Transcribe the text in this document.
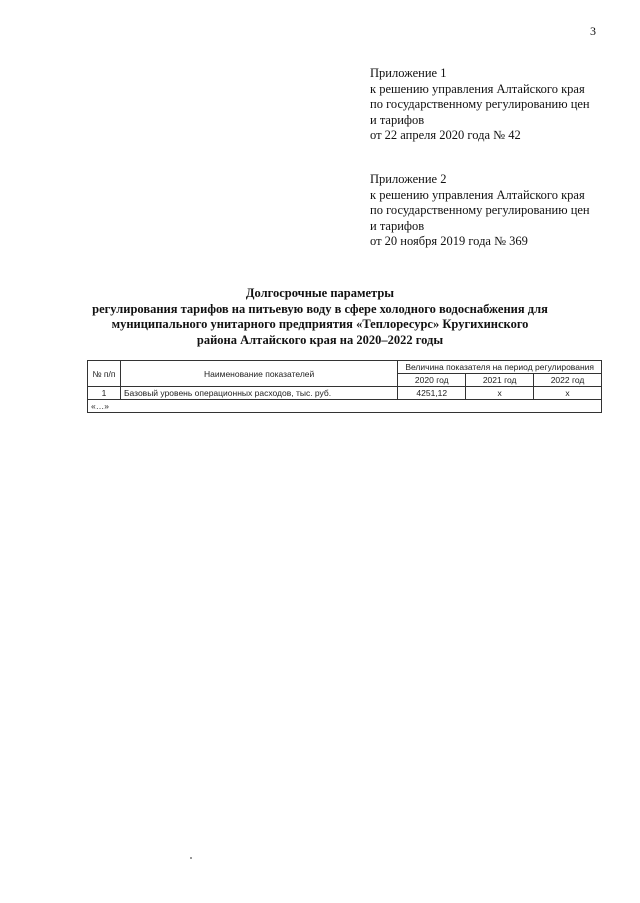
3
Приложение 1
к решению управления Алтайского края
по государственному регулированию цен
и тарифов
от 22 апреля 2020 года № 42
Приложение 2
к решению управления Алтайского края
по государственному регулированию цен
и тарифов
от 20 ноября 2019 года № 369
Долгосрочные параметры
регулирования тарифов на питьевую воду в сфере холодного водоснабжения для
муниципального унитарного предприятия «Теплоресурс» Кругихинского
района Алтайского края на 2020–2022 годы
№ п/п	Наименование показателей	Величина показателя на период регулирования		
		2020 год	2021 год	2022 год
1	Базовый уровень операционных расходов, тыс. руб.	4251,12	х	х
«…»				
